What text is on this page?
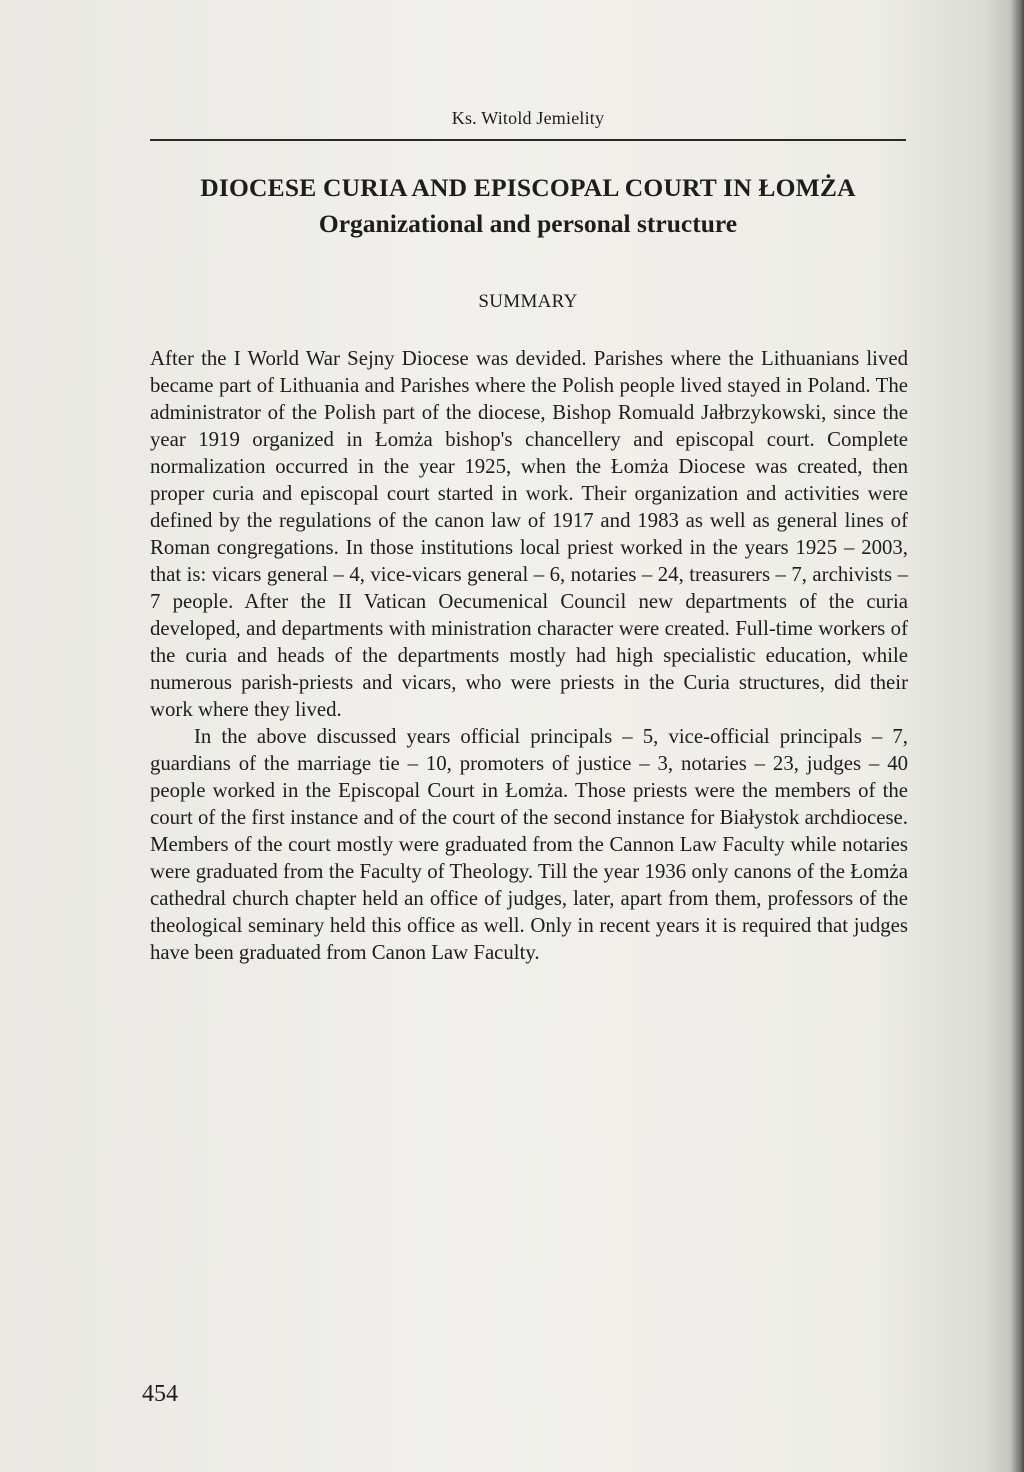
Ks. Witold Jemielity
DIOCESE CURIA AND EPISCOPAL COURT IN ŁOMŻA
Organizational and personal structure
SUMMARY

After the I World War Sejny Diocese was devided. Parishes where the Lithuanians lived became part of Lithuania and Parishes where the Polish people lived stayed in Poland. The administrator of the Polish part of the diocese, Bishop Romuald Jałbrzykowski, since the year 1919 organized in Łomża bishop's chancellery and episcopal court. Complete normalization occurred in the year 1925, when the Łomża Diocese was created, then proper curia and episcopal court started in work. Their organization and activities were defined by the regulations of the canon law of 1917 and 1983 as well as general lines of Roman congregations. In those institutions local priest worked in the years 1925 – 2003, that is: vicars general – 4, vice-vicars general – 6, notaries – 24, treasurers – 7, archivists – 7 people. After the II Vatican Oecumenical Council new departments of the curia developed, and departments with ministration character were created. Full-time workers of the curia and heads of the departments mostly had high specialistic education, while numerous parish-priests and vicars, who were priests in the Curia structures, did their work where they lived.

In the above discussed years official principals – 5, vice-official principals – 7, guardians of the marriage tie – 10, promoters of justice – 3, notaries – 23, judges – 40 people worked in the Episcopal Court in Łomża. Those priests were the members of the court of the first instance and of the court of the second instance for Białystok archdiocese. Members of the court mostly were graduated from the Cannon Law Faculty while notaries were graduated from the Faculty of Theology. Till the year 1936 only canons of the Łomża cathedral church chapter held an office of judges, later, apart from them, professors of the theological seminary held this office as well. Only in recent years it is required that judges have been graduated from Canon Law Faculty.

454
